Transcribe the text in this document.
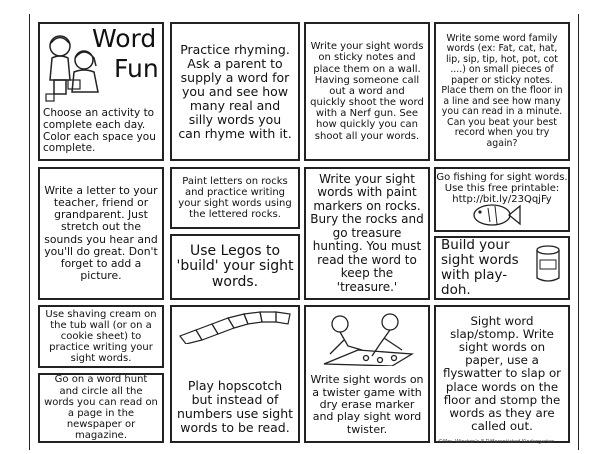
Word
Fun
Choose an activity to complete each day. Color each space you complete.
Practice rhyming. Ask a parent to supply a word for you and see how many real and silly words you can rhyme with it.
Write your sight words on sticky notes and place them on a wall. Having someone call out a word and quickly shoot the word with a Nerf gun. See how quickly you can shoot all your words.
Write some word family words (ex: Fat, cat, hat, lip, sip, tip, hot, pot, cot ....) on small pieces of paper or sticky notes. Place them on the floor in a line and see how many you can read in a minute. Can you beat your best record when you try again?
Write a letter to your teacher, friend or grandparent. Just stretch out the sounds you hear and you'll do great. Don't forget to add a picture.
Paint letters on rocks and practice writing your sight words using the lettered rocks.
Write your sight words with paint markers on rocks. Bury the rocks and go treasure hunting. You must read the word to keep the 'treasure.'
Go fishing for sight words.
Use this free printable:
http://bit.ly/23QqjFy
Use Legos to 'build' your sight words.
Build your sight words with play-doh.
Use shaving cream on the tub wall (or on a cookie sheet) to practice writing your sight words.
Play hopscotch but instead of numbers use sight words to be read.
Write sight words on a twister game with dry erase marker and play sight word twister.
Sight word slap/stomp. Write sight words on paper, use a flyswatter to slap or place words on the floor and stomp the words as they are called out.
Go on a word hunt and circle all the words you can read on a page in the newspaper or magazine.
©Mrs. Winston's 8 Differentiated Kindergarten
